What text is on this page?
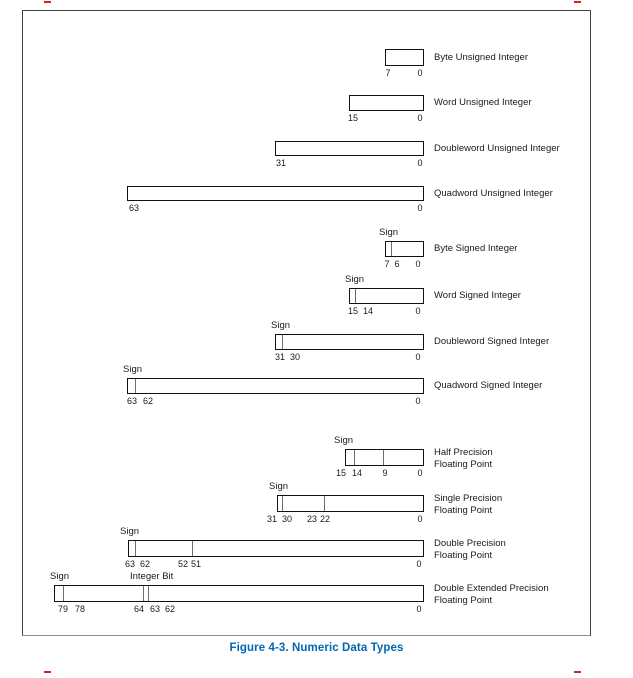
7	0
Byte Unsigned Integer
15	0
Word Unsigned Integer
31	0
Doubleword Unsigned Integer
63	0
Quadword Unsigned Integer
Sign
7 6 0
Byte Signed Integer
Sign
15 14	0
Word Signed Integer
Sign
31 30	0
Doubleword Signed Integer
Sign
63 62	0
Quadword Signed Integer
Sign
15 14 9	0
Half Precision
Floating Point
Sign
31 30 23 22	0
Single Precision
Floating Point
Sign
63 62	52 51	0
Double Precision
Floating Point
Sign	Integer Bit
79 78	64 63 62	0
Double Extended Precision
Floating Point
Figure 4-3. Numeric Data Types
